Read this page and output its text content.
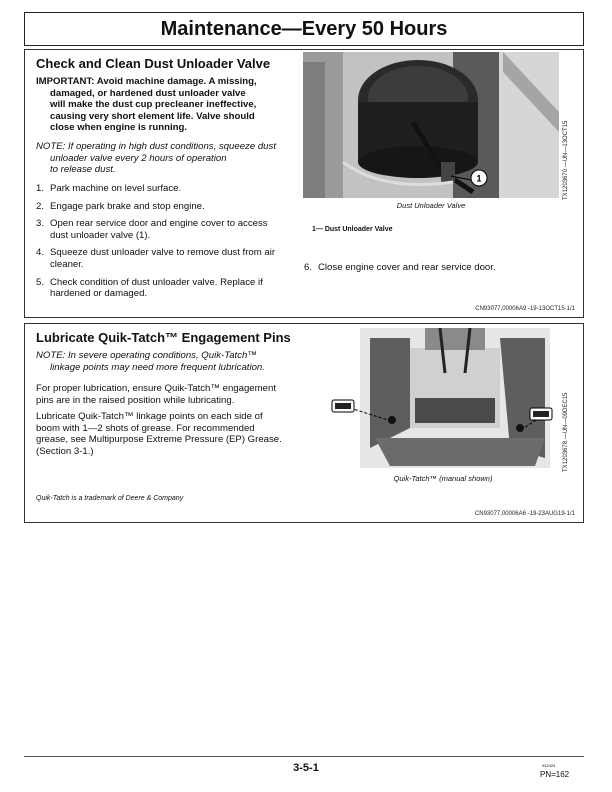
Maintenance—Every 50 Hours
Check and Clean Dust Unloader Valve
IMPORTANT: Avoid machine damage. A missing,
damaged, or hardened dust unloader valve
will make the dust cup precleaner ineffective,
causing very short element life. Valve should
close when engine is running.
NOTE: If operating in high dust conditions, squeeze dust
unloader valve every 2 hours of operation
to release dust.
1. Park machine on level surface.
2. Engage park brake and stop engine.
3. Open rear service door and engine cover to access
dust unloader valve (1).
4. Squeeze dust unloader valve to remove dust from air
cleaner.
5. Check condition of dust unloader valve. Replace if
hardened or damaged.
1
Dust Unloader Valve
TX1203670 —UN—13OCT15
1— Dust Unloader Valve
6. Close engine cover and rear service door.
CN93077,00006A9 -19-13OCT15-1/1
Lubricate Quik-Tatch™ Engagement Pins
NOTE: In severe operating conditions, Quik-Tatch™
linkage points may need more frequent lubrication.
For proper lubrication, ensure Quik-Tatch™ engagement
pins are in the raised position while lubricating.
Lubricate Quik-Tatch™ linkage points on each side of
boom with 1—2 shots of grease. For recommended
grease, see Multipurpose Extreme Pressure (EP) Grease.
(Section 3-1.)
Quik-Tatch is a trademark of Deere & Company
Quik-Tatch™ (manual shown)
TX1203678 —UN—09DEC15
CN93077,00006A6 -19-23AUG19-1/1
3-5-1	042424
PN=162
